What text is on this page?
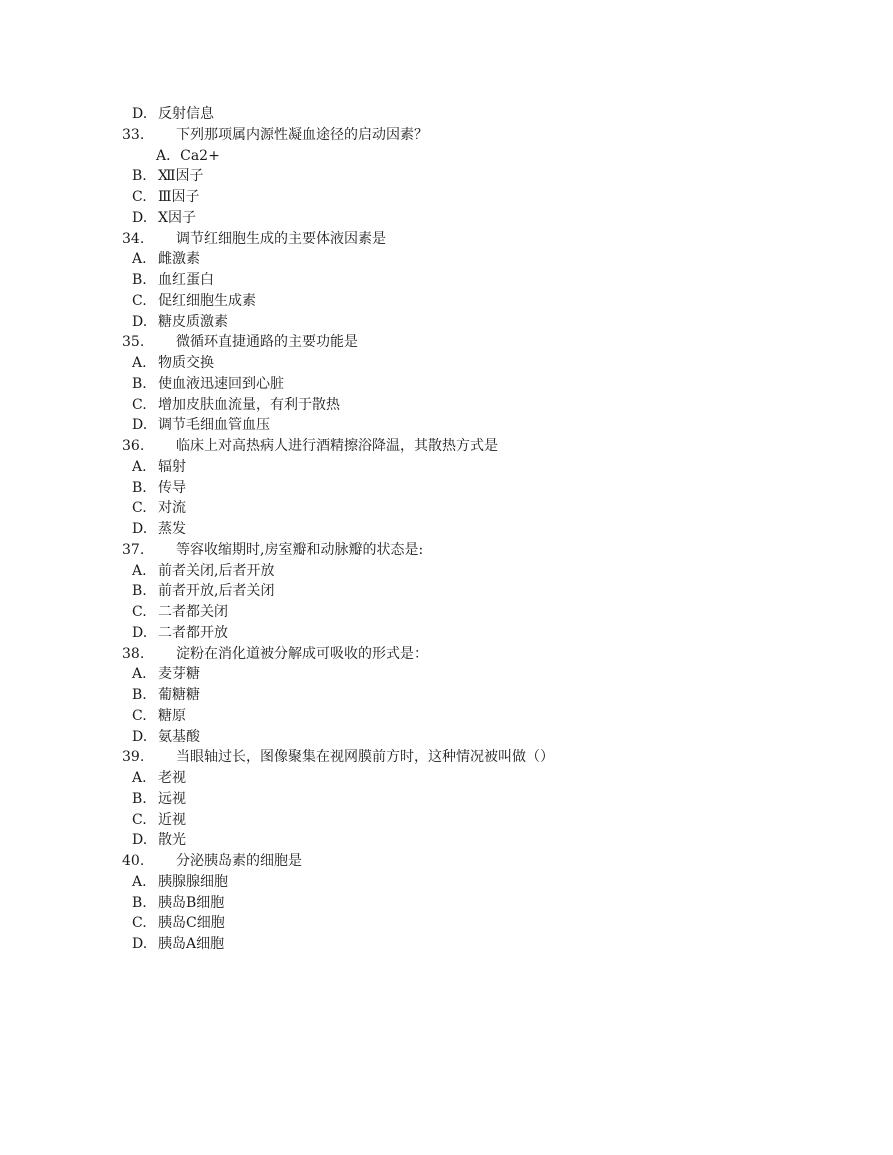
D. 反射信息
33.	下列那项属内源性凝血途径的启动因素？
A．Ca2+
B. Ⅻ因子
C. Ⅲ因子
D. Ⅹ因子
34.	调节红细胞生成的主要体液因素是
A. 雌激素
B. 血红蛋白
C. 促红细胞生成素
D. 糖皮质激素
35.	微循环直捷通路的主要功能是
A. 物质交换
B. 使血液迅速回到心脏
C. 增加皮肤血流量，有利于散热
D. 调节毛细血管血压
36.	临床上对高热病人进行酒精擦浴降温，其散热方式是
A. 辐射
B. 传导
C. 对流
D. 蒸发
37.	等容收缩期时,房室瓣和动脉瓣的状态是:
A. 前者关闭,后者开放
B. 前者开放,后者关闭
C. 二者都关闭
D. 二者都开放
38.	淀粉在消化道被分解成可吸收的形式是：
A. 麦芽糖
B. 葡糖糖
C. 糖原
D. 氨基酸
39.	当眼轴过长，图像聚集在视网膜前方时，这种情况被叫做（）
A. 老视
B. 远视
C. 近视
D. 散光
40.	分泌胰岛素的细胞是
A. 胰腺腺细胞
B. 胰岛B细胞
C. 胰岛C细胞
D. 胰岛A细胞
